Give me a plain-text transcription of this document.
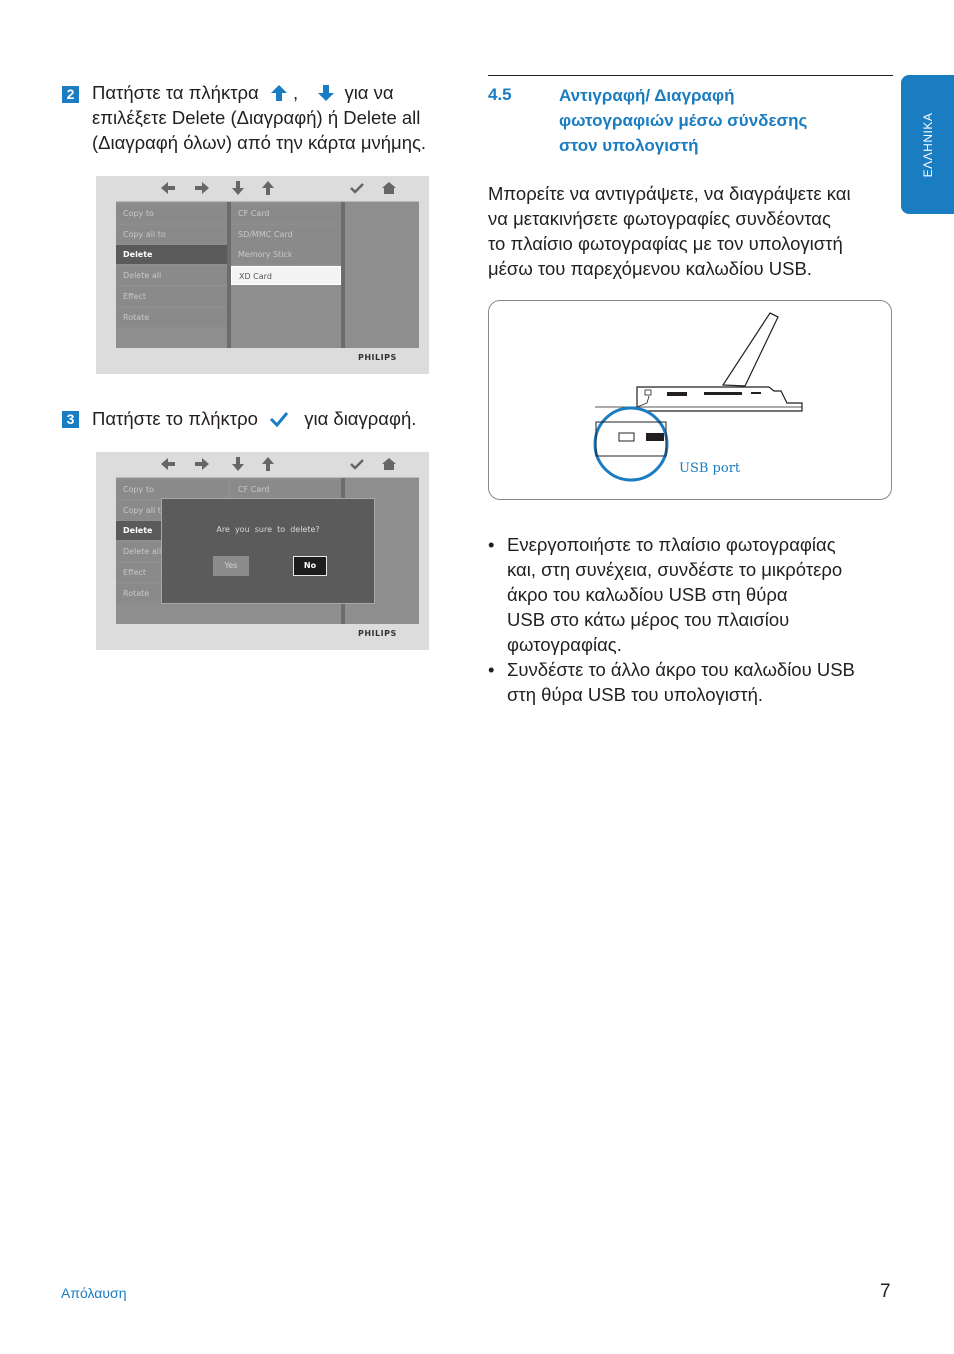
ΕΛΛΗΝΙΚΑ
2 Πατήστε τα πλήκτρα ,	για να
επιλέξετε Delete (Διαγραφή) ή Delete all
(Διαγραφή όλων) από την κάρτα μνήμης.
Copy to
Copy all to
Delete
Delete all
Effect
Rotate
CF Card
SD/MMC Card
Memory Stick
XD Card
PHILIPS
3 Πατήστε το πλήκτρο	για διαγραφή.
Copy to
Copy all t
Delete
Delete all
Effect
Rotate
CF Card
Are  you  sure  to  delete?
Yes	No
PHILIPS
4.5	Αντιγραφή/ Διαγραφή
φωτογραφιών μέσω σύνδεσης
στον υπολογιστή
Μπορείτε να αντιγράψετε, να διαγράψετε και
να μετακινήσετε φωτογραφίες συνδέοντας
το πλαίσιο φωτογραφίας με τον υπολογιστή
μέσω του παρεχόμενου καλωδίου USB.
USB port
• Ενεργοποιήστε το πλαίσιο φωτογραφίας
και, στη συνέχεια, συνδέστε το μικρότερο
άκρο του καλωδίου USB στη θύρα
USB στο κάτω μέρος του πλαισίου
φωτογραφίας.
• Συνδέστε το άλλο άκρο του καλωδίου USB
στη θύρα USB του υπολογιστή.
Απόλαυση	7
